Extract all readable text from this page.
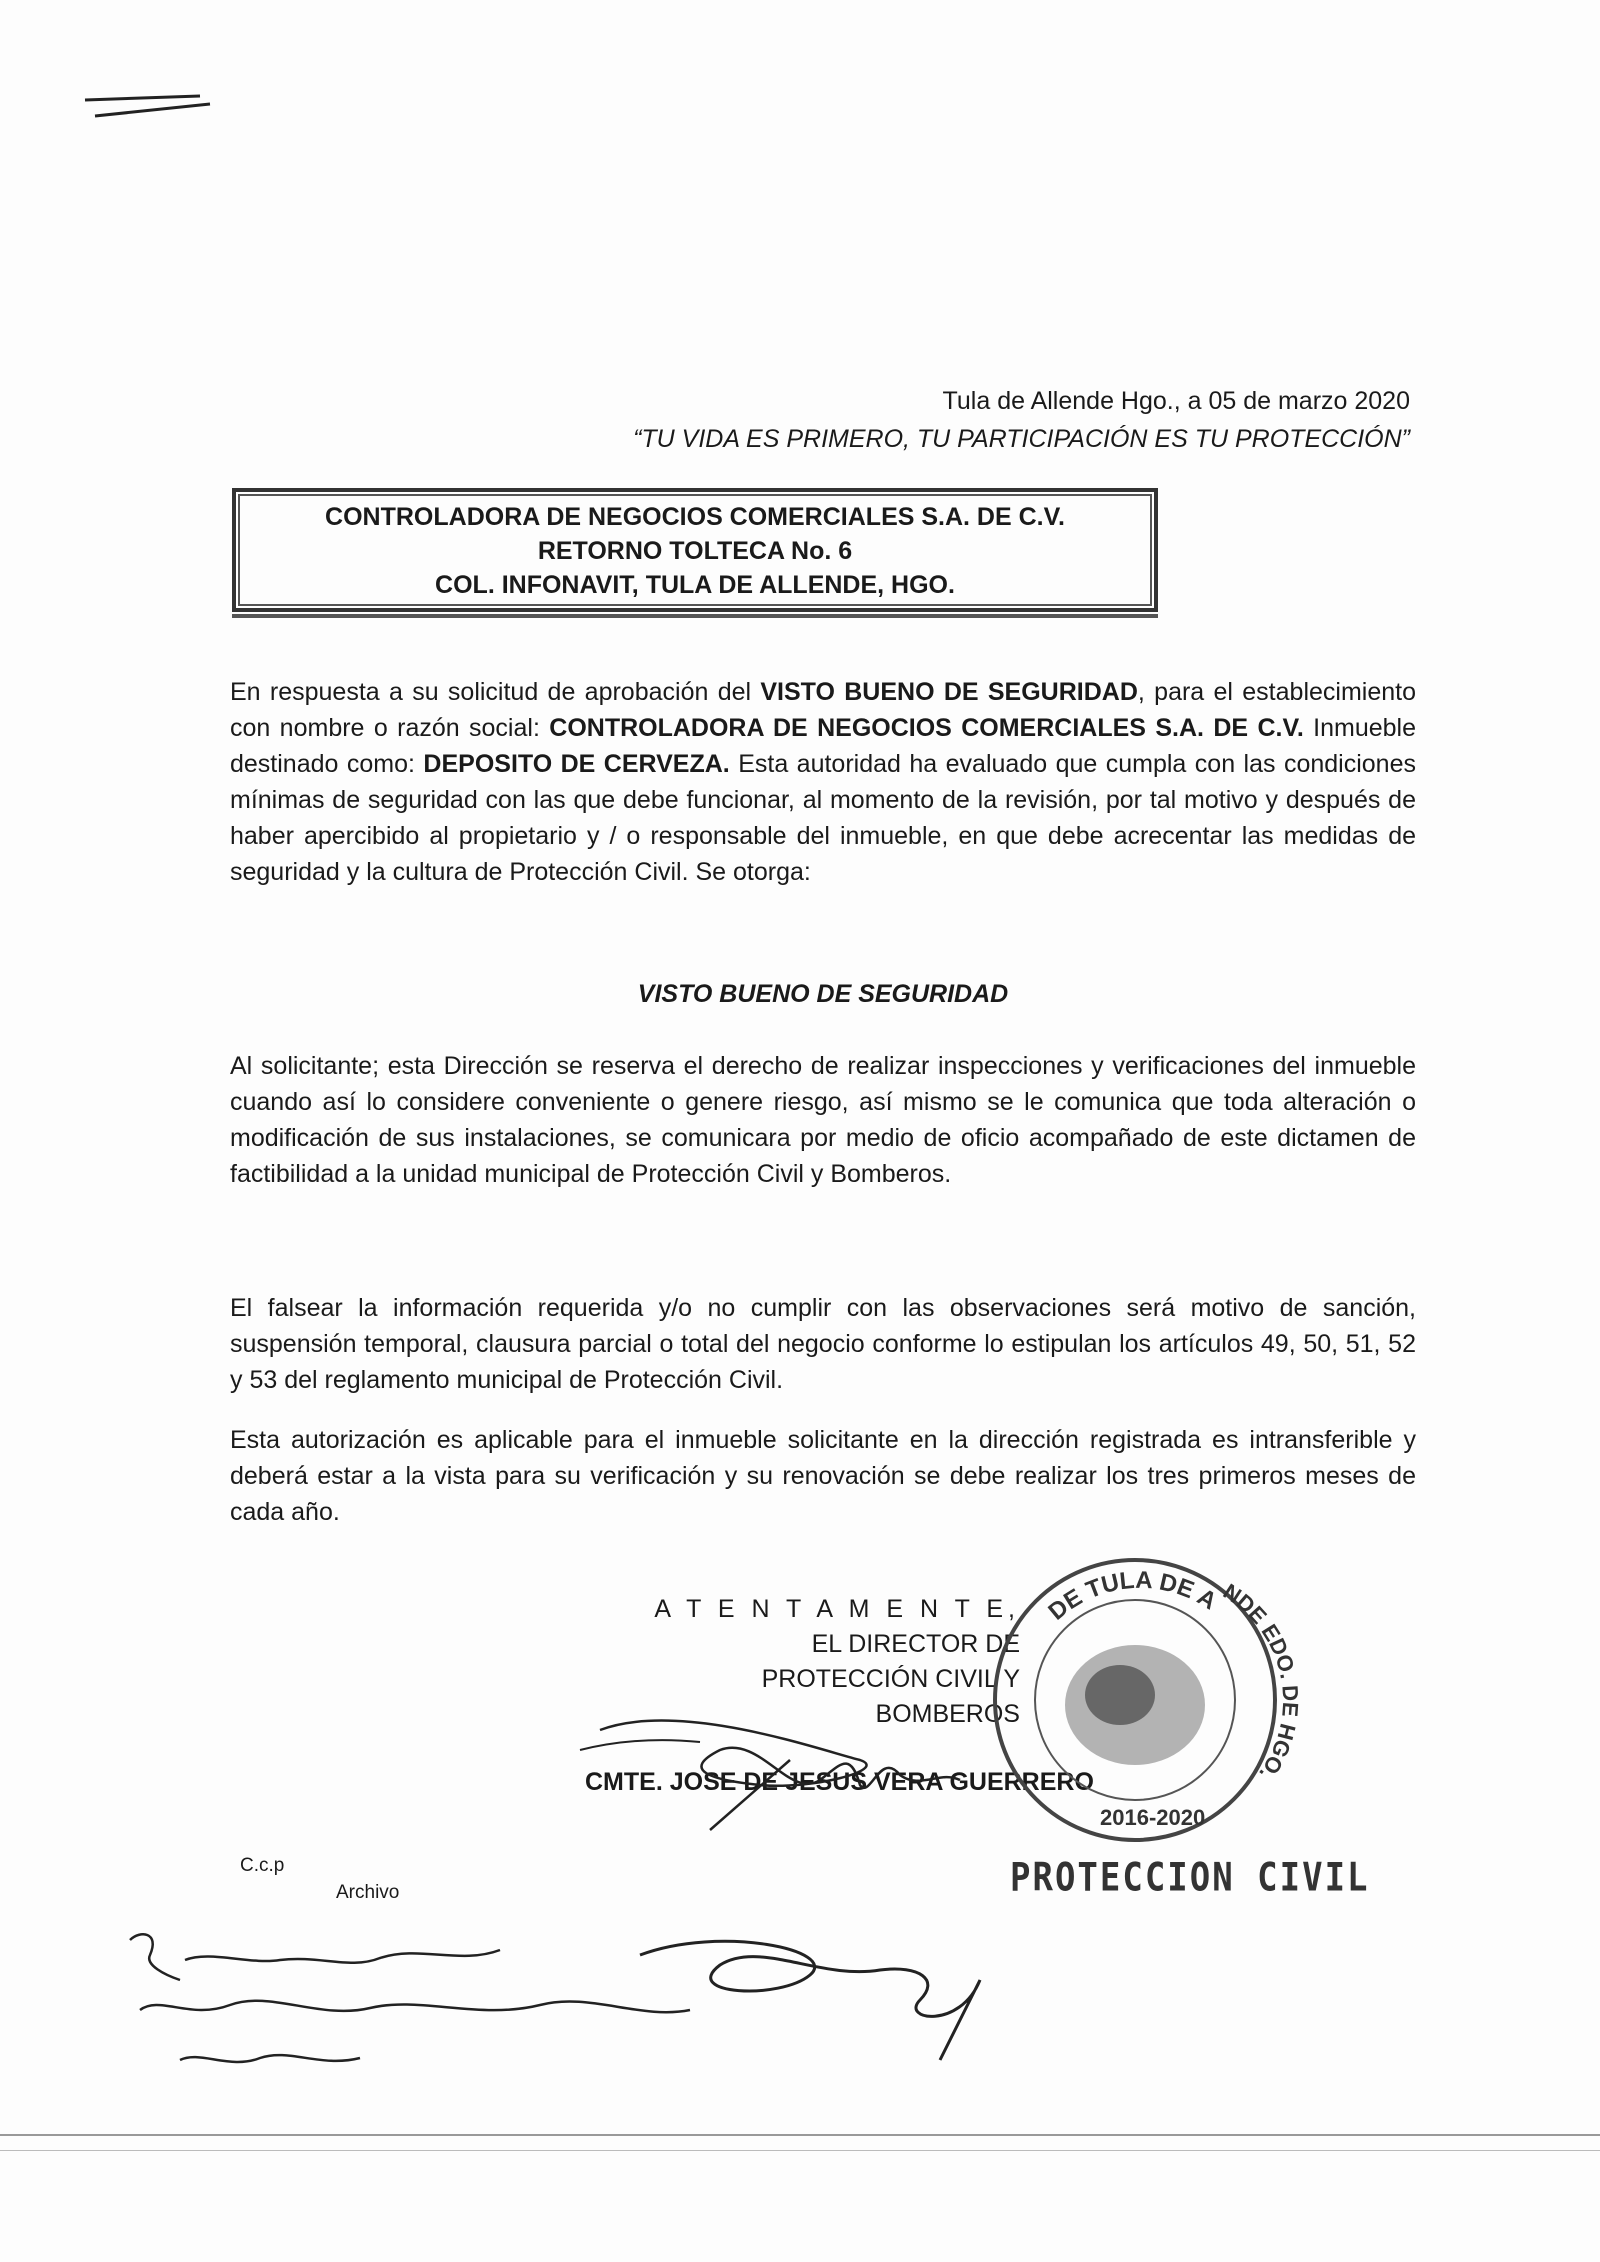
Tula de Allende Hgo., a 05 de marzo 2020
“TU VIDA ES PRIMERO, TU PARTICIPACIÓN ES TU PROTECCIÓN”
CONTROLADORA DE NEGOCIOS COMERCIALES S.A. DE C.V.
RETORNO TOLTECA No. 6
COL. INFONAVIT, TULA DE ALLENDE, HGO.
En respuesta a su solicitud de aprobación del VISTO BUENO DE SEGURIDAD, para el establecimiento con nombre o razón social: CONTROLADORA DE NEGOCIOS COMERCIALES S.A. DE C.V. Inmueble destinado como: DEPOSITO DE CERVEZA. Esta autoridad ha evaluado que cumpla con las condiciones mínimas de seguridad con las que debe funcionar, al momento de la revisión, por tal motivo y después de haber apercibido al propietario y / o responsable del inmueble, en que debe acrecentar las medidas de seguridad y la cultura de Protección Civil. Se otorga:
VISTO BUENO DE SEGURIDAD
Al solicitante; esta Dirección se reserva el derecho de realizar inspecciones y verificaciones del inmueble cuando así lo considere conveniente o genere riesgo, así mismo se le comunica que toda alteración o modificación de sus instalaciones, se comunicara por medio de oficio acompañado de este dictamen de factibilidad a la unidad municipal de Protección Civil y Bomberos.
El falsear la información requerida y/o no cumplir con las observaciones será motivo de sanción, suspensión temporal, clausura parcial o total del negocio conforme lo estipulan los artículos 49, 50, 51, 52 y 53 del reglamento municipal de Protección Civil.
Esta autorización es aplicable para el inmueble solicitante en la dirección registrada es intransferible y deberá estar a la vista para su verificación y su renovación se debe realizar los tres primeros meses de cada año.
A T E N T A M E N T E,
EL DIRECTOR DE
PROTECCIÓN CIVIL Y BOMBEROS
CMTE. JOSE DE JESUS VERA GUERRERO
DE TULA DE A
NDE EDO. DE HGO.
2016-2020
PROTECCION CIVIL
C.c.p
Archivo
